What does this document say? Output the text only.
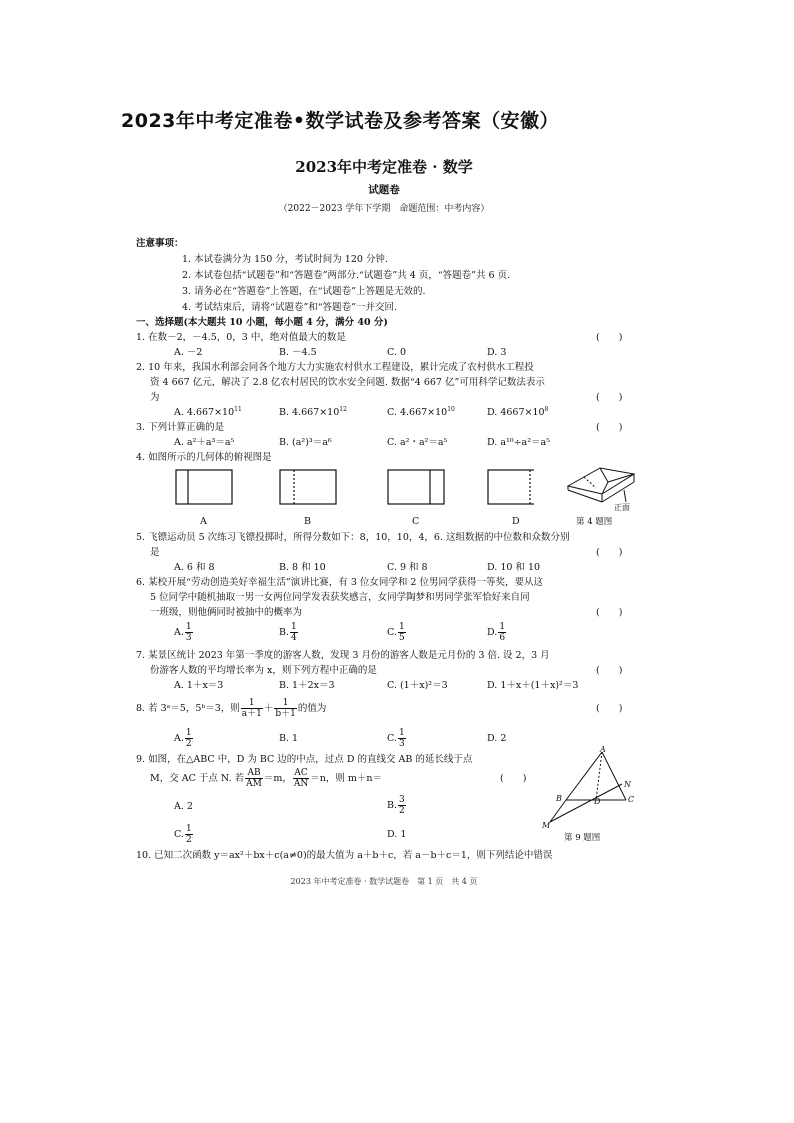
2023年中考定准卷•数学试卷及参考答案（安徽）
2023年中考定准卷 · 数学
试题卷
（2022－2023 学年下学期　命题范围：中考内容）
注意事项：
1. 本试卷满分为 150 分，考试时间为 120 分钟.
2. 本试卷包括“试题卷”和“答题卷”两部分.“试题卷”共 4 页，“答题卷”共 6 页.
3. 请务必在“答题卷”上答题，在“试题卷”上答题是无效的.
4. 考试结束后，请将“试题卷”和“答题卷”一并交回.
一、选择题(本大题共 10 小题，每小题 4 分，满分 40 分)
1. 在数－2，－4.5，0，3 中，绝对值最大的数是	(　　)
A. －2	B. －4.5	C. 0	D. 3
2. 10 年来，我国水利部会同各个地方大力实施农村供水工程建设，累计完成了农村供水工程投
资 4 667 亿元，解决了 2.8 亿农村居民的饮水安全问题. 数据“4 667 亿”可用科学记数法表示
为	(　　)
A. $4.667\times 10^{11}$	B. $4.667\times 10^{12}$	C. $4.667\times 10^{10}$	D. $4667\times 10^8$
3. 下列计算正确的是	(　　)
A. a²＋a³＝a⁵	B. (a²)³＝a⁶	C. a²・a²＝a⁵	D. a¹⁰÷a²＝a⁵
4. 如图所示的几何体的俯视图是
正面
A	B	C	D	第 4 题图
5. 飞镖运动员 5 次练习飞镖投掷时，所得分数如下：8，10，10，4，6. 这组数据的中位数和众数分别
是	(　　)
A. 6 和 8	B. 8 和 10	C. 9 和 8	D. 10 和 10
6. 某校开展“劳动创造美好幸福生活”演讲比赛，有 3 位女同学和 2 位男同学获得一等奖，要从这
5 位同学中随机抽取一男一女两位同学发表获奖感言，女同学陶梦和男同学张军恰好来自同
一班级，则他俩同时被抽中的概率为	(　　)
A. $\frac{1}{3}$	B. $\frac{1}{4}$	C. $\frac{1}{5}$	D. $\frac{1}{6}$
7. 某景区统计 2023 年第一季度的游客人数，发现 3 月份的游客人数是元月份的 3 倍. 设 2，3 月
份游客人数的平均增长率为 x，则下列方程中正确的是	(　　)
A. 1＋x＝3	B. 1＋2x＝3	C. (1＋x)²＝3	D. 1＋x＋(1＋x)²＝3
8. 若 3ᵃ＝5，5ᵇ＝3，则 $\frac{1}{a+1} + \frac{1}{b+1}$ 的值为	(　　)
A. $\frac{1}{2}$	B. 1	C. $\frac{1}{3}$	D. 2
9. 如图，在△ABC 中，D 为 BC 边的中点，过点 D 的直线交 AB 的延长线于点
M，交 AC 于点 N. 若 $\frac{AB}{AM} =m$， $\frac{AC}{AN} =n$，则 m＋n＝	(　　)
A. 2	B. $\frac{3}{2}$
C. $\frac{1}{2}$	D. 1
A
N
B	D	C
M
第 9 题图
10. 已知二次函数 y＝ax²＋bx＋c(a≠0)的最大值为 a＋b＋c，若 a－b＋c＝1，则下列结论中错误
2023 年中考定准卷 · 数学试题卷　第 1 页　共 4 页
